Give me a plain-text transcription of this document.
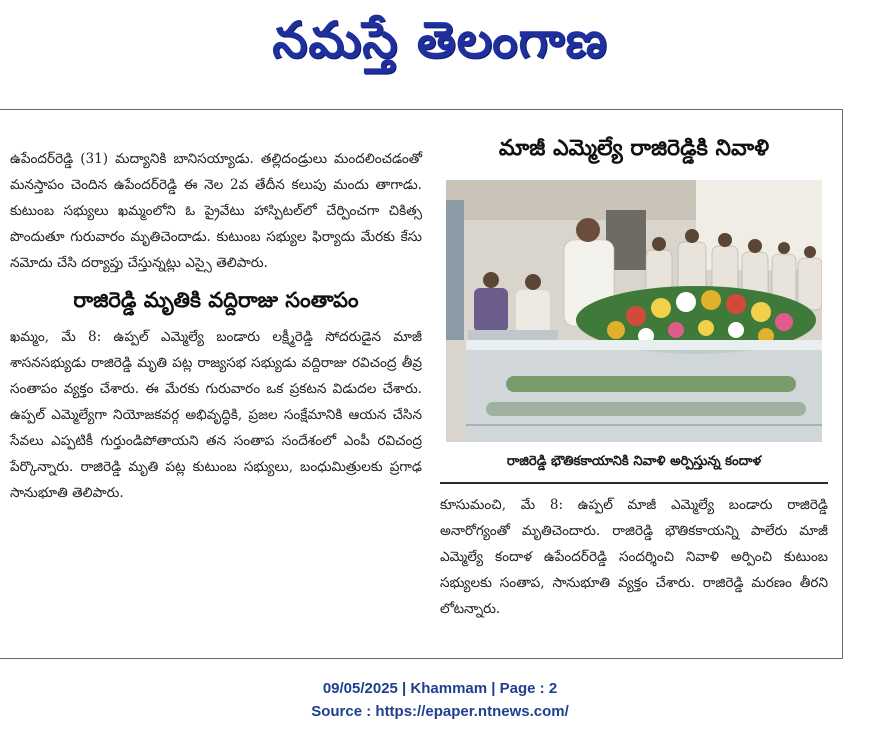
నమస్తే తెలంగాణ

ఉపేందర్‌రెడ్డి (31) మద్యానికి బానిసయ్యాడు. తల్లిదండ్రులు మందలించడంతో మనస్తాపం చెందిన ఉపేందర్‌రెడ్డి ఈ నెల 2వ తేదీన కలుపు మందు తాగాడు. కుటుంబ సభ్యులు ఖమ్మంలోని ఓ ప్రైవేటు హాస్పిటల్‌లో చేర్పించగా చికిత్స పొందుతూ గురువారం మృతిచెందాడు. కుటుంబ సభ్యుల ఫిర్యాదు మేరకు కేసు నమోదు చేసి దర్యాప్తు చేస్తున్నట్లు ఎస్సై తెలిపారు.

రాజిరెడ్డి మృతికి వద్దిరాజు సంతాపం

ఖమ్మం, మే 8: ఉప్పల్ ఎమ్మెల్యే బండారు లక్ష్మీరెడ్డి సోదరుడైన మాజీ శాసనసభ్యుడు రాజిరెడ్డి మృతి పట్ల రాజ్యసభ సభ్యుడు వద్దిరాజు రవిచంద్ర తీవ్ర సంతాపం వ్యక్తం చేశారు. ఈ మేరకు గురువారం ఒక ప్రకటన విడుదల చేశారు. ఉప్పల్ ఎమ్మెల్యేగా నియోజకవర్గ అభివృద్ధికి, ప్రజల సంక్షేమానికి ఆయన చేసిన సేవలు ఎప్పటికీ గుర్తుండిపోతాయని తన సంతాప సందేశంలో ఎంపీ రవిచంద్ర పేర్కొన్నారు. రాజిరెడ్డి మృతి పట్ల కుటుంబ సభ్యులు, బంధుమిత్రులకు ప్రగాఢ సానుభూతి తెలిపారు.

మాజీ ఎమ్మెల్యే రాజిరెడ్డికి నివాళి

రాజిరెడ్డి భౌతికకాయానికి నివాళి అర్పిస్తున్న కందాళ

కూసుమంచి, మే 8: ఉప్పల్ మాజీ ఎమ్మెల్యే బండారు రాజిరెడ్డి అనారోగ్యంతో మృతిచెందారు. రాజిరెడ్డి భౌతికకాయన్ని పాలేరు మాజీ ఎమ్మెల్యే కందాళ ఉపేందర్‌రెడ్డి సందర్శించి నివాళి అర్పించి కుటుంబ సభ్యులకు సంతాప, సానుభూతి వ్యక్తం చేశారు. రాజిరెడ్డి మరణం తీరని లోటన్నారు.

09/05/2025 | Khammam | Page : 2
Source : https://epaper.ntnews.com/
